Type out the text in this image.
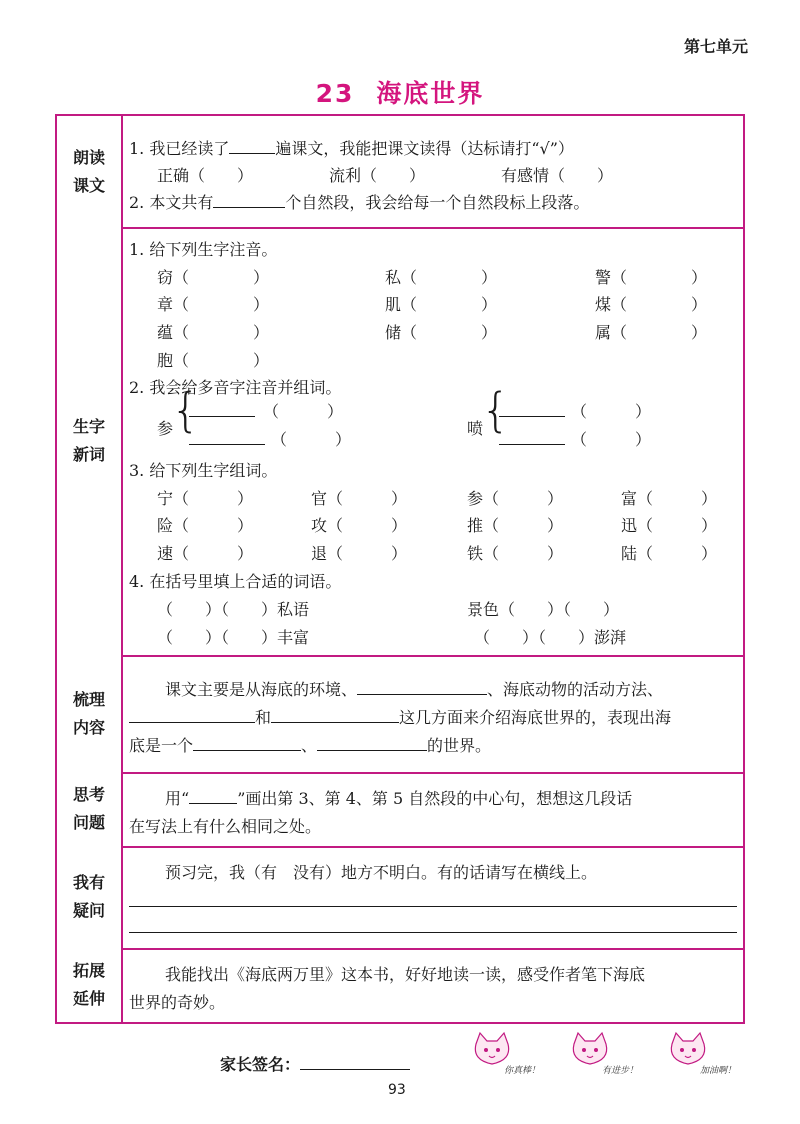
第七单元
23 海底世界
朗读
课文
1. 我已经读了	遍课文，我能把课文读得（达标请打“√”）
正确（　　）	流利（　　）	有感情（　　）
2. 本文共有	个自然段，我会给每一个自然段标上段落。
生字
新词
1. 给下列生字注音。
窃（　　　　）	私（　　　　）	警（　　　　）
章（　　　　）	肌（　　　　）	煤（　　　　）
蕴（　　　　）	储（　　　　）	属（　　　　）
胞（　　　　）
2. 我会给多音字注音并组词。
参
{	（　　　）
（　　　）
喷
{	（　　　）
（　　　）
3. 给下列生字组词。
宁（　　　）	官（　　　）	参（　　　）	富（　　　）
险（　　　）	攻（　　　）	推（　　　）	迅（　　　）
速（　　　）	退（　　　）	铁（　　　）	陆（　　　）
4. 在括号里填上合适的词语。
（　　）（　　）私语	景色（　　）（　　）
（　　）（　　）丰富	（　　）（　　）澎湃
梳理
内容
课文主要是从海底的环境、	、海底动物的活动方法、
和	这几方面来介绍海底世界的，表现出海
底是一个	、	的世界。
思考
问题
用“	”画出第 3、第 4、第 5 自然段的中心句，想想这几段话
在写法上有什么相同之处。
我有
疑问
预习完，我（有　没有）地方不明白。有的话请写在横线上。
拓展
延伸
我能找出《海底两万里》这本书，好好地读一读，感受作者笔下海底
世界的奇妙。
家长签名：	你真棒！	有进步！	加油啊！
93
